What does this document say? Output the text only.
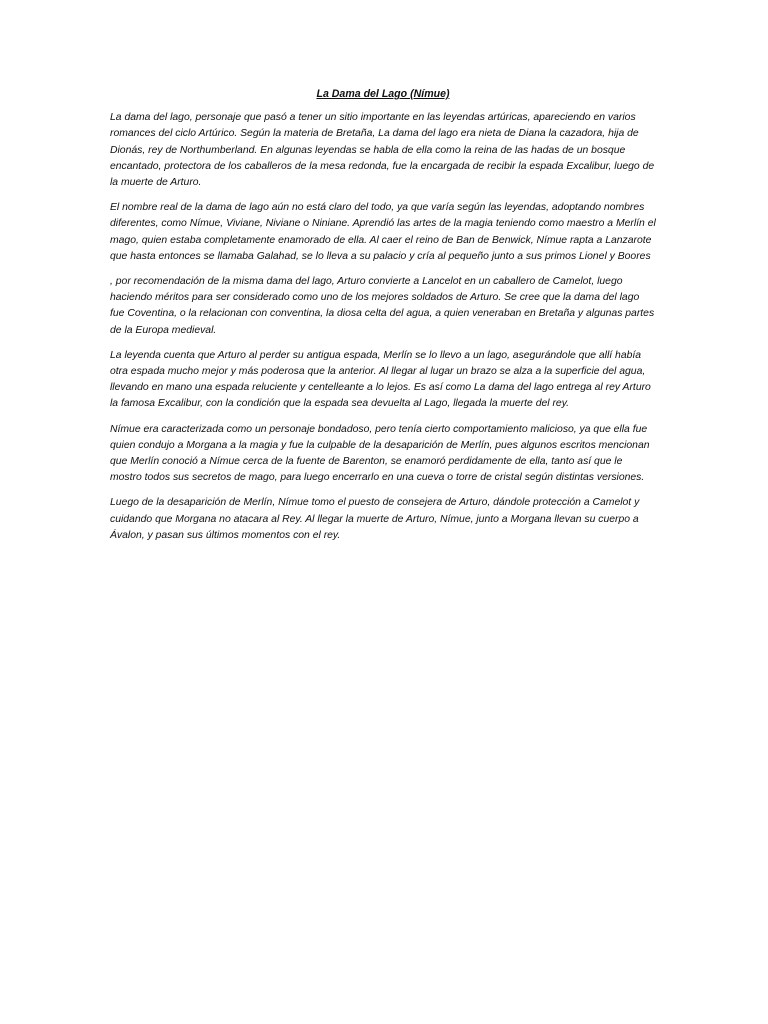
La Dama del Lago (Nímue)

La dama del lago, personaje que pasó a tener un sitio importante en las leyendas artúricas, apareciendo en varios romances del ciclo Artúrico. Según la materia de Bretaña, La dama del lago era nieta de Diana la cazadora, hija de Dionás, rey de Northumberland. En algunas leyendas se habla de ella como la reina de las hadas de un bosque encantado, protectora de los caballeros de la mesa redonda, fue la encargada de recibir la espada Excalibur, luego de la muerte de Arturo.

El nombre real de la dama de lago aún no está claro del todo, ya que varía según las leyendas, adoptando nombres diferentes, como Nímue, Viviane, Niviane o Niniane. Aprendió las artes de la magia teniendo como maestro a Merlín el mago, quien estaba completamente enamorado de ella. Al caer el reino de Ban de Benwick, Nímue rapta a Lanzarote que hasta entonces se llamaba Galahad, se lo lleva a su palacio y cría al pequeño junto a sus primos Lionel y Boores

, por recomendación de la misma dama del lago, Arturo convierte a Lancelot en un caballero de Camelot, luego haciendo méritos para ser considerado como uno de los mejores soldados de Arturo. Se cree que la dama del lago fue Coventina, o la relacionan con conventina, la diosa celta del agua, a quien veneraban en Bretaña y algunas partes de la Europa medieval.

La leyenda cuenta que Arturo al perder su antigua espada, Merlín se lo llevo a un lago, asegurándole que allí había otra espada mucho mejor y más poderosa que la anterior. Al llegar al lugar un brazo se alza a la superficie del agua, llevando en mano una espada reluciente y centelleante a lo lejos. Es así como La dama del lago entrega al rey Arturo la famosa Excalibur, con la condición que la espada sea devuelta al Lago, llegada la muerte del rey.

Nímue era caracterizada como un personaje bondadoso, pero tenía cierto comportamiento malicioso, ya que ella fue quien condujo a Morgana a la magia y fue la culpable de la desaparición de Merlín, pues algunos escritos mencionan que Merlín conoció a Nímue cerca de la fuente de Barenton, se enamoró perdidamente de ella, tanto así que le mostro todos sus secretos de mago, para luego encerrarlo en una cueva o torre de cristal según distintas versiones.

Luego de la desaparición de Merlín, Nímue tomo el puesto de consejera de Arturo, dándole protección a Camelot y cuidando que Morgana no atacara al Rey. Al llegar la muerte de Arturo, Nímue, junto a Morgana llevan su cuerpo a Ávalon, y pasan sus últimos momentos con el rey.
